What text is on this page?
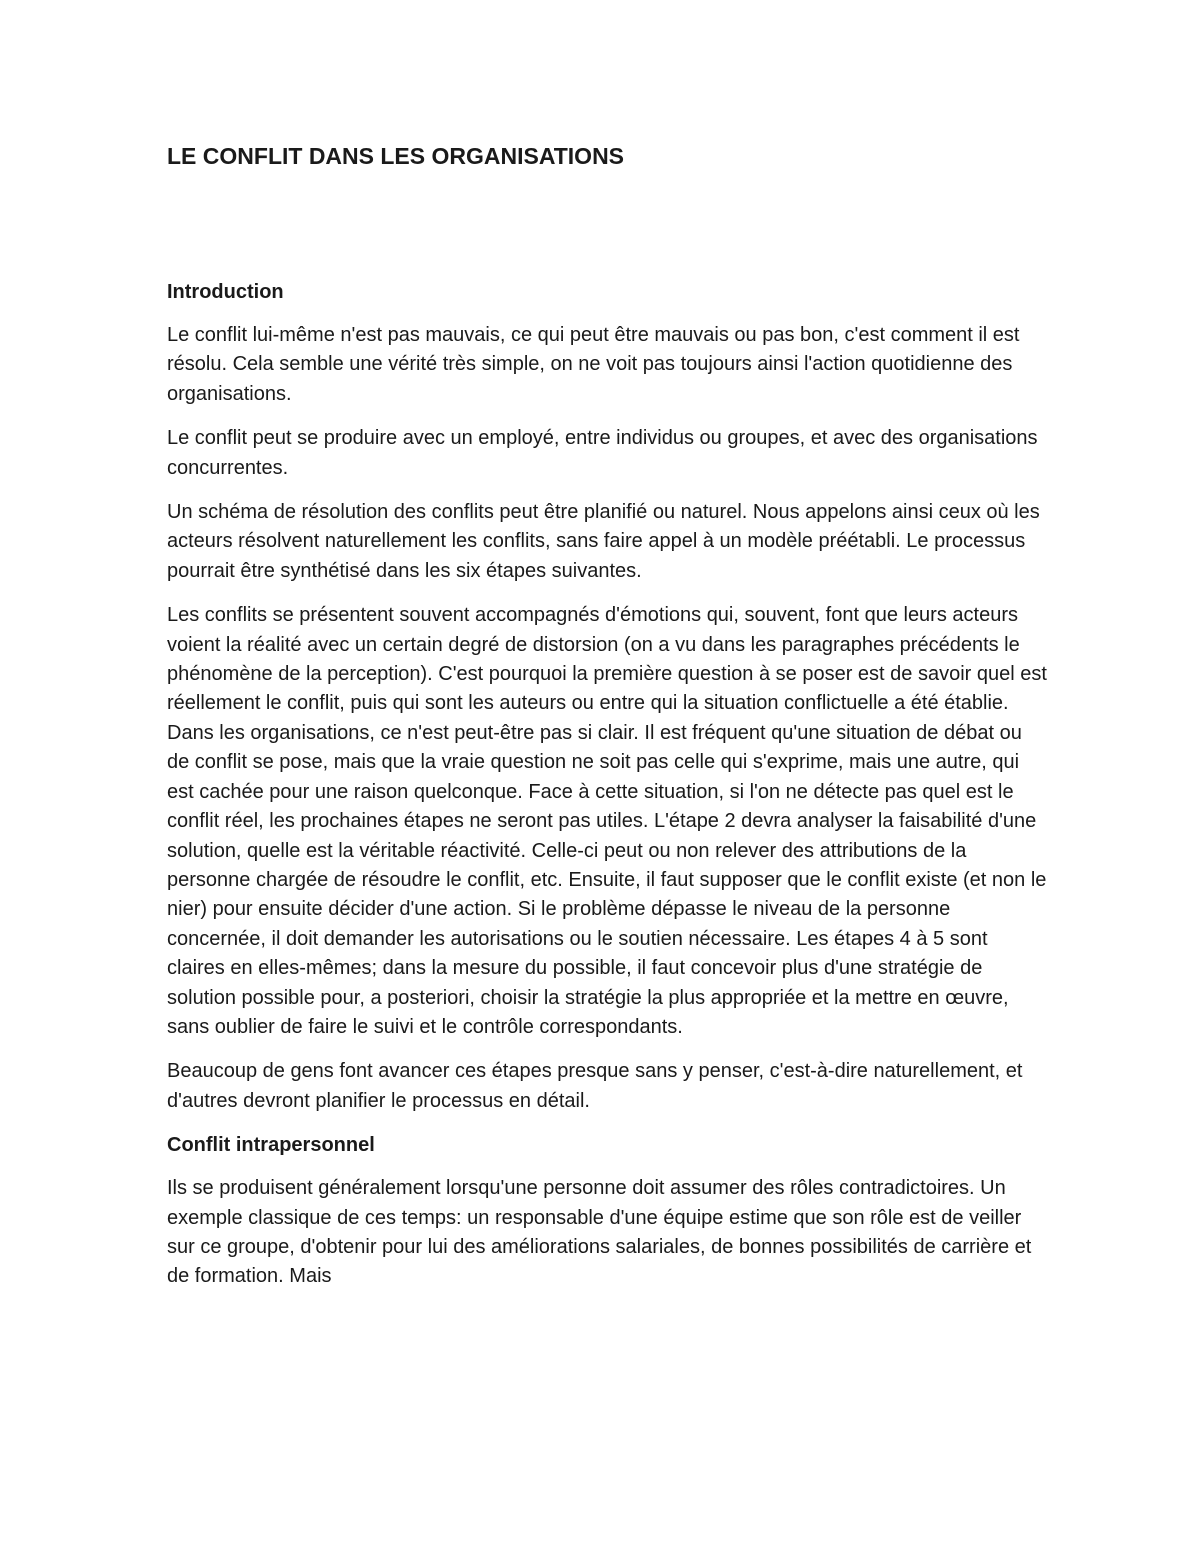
LE CONFLIT DANS LES ORGANISATIONS
Introduction

Le conflit lui-même n'est pas mauvais, ce qui peut être mauvais ou pas bon, c'est comment il est résolu. Cela semble une vérité très simple, on ne voit pas toujours ainsi l'action quotidienne des organisations.

Le conflit peut se produire avec un employé, entre individus ou groupes, et avec des organisations concurrentes.

Un schéma de résolution des conflits peut être planifié ou naturel. Nous appelons ainsi ceux où les acteurs résolvent naturellement les conflits, sans faire appel à un modèle préétabli. Le processus pourrait être synthétisé dans les six étapes suivantes.

Les conflits se présentent souvent accompagnés d'émotions qui, souvent, font que leurs acteurs voient la réalité avec un certain degré de distorsion (on a vu dans les paragraphes précédents le phénomène de la perception). C'est pourquoi la première question à se poser est de savoir quel est réellement le conflit, puis qui sont les auteurs ou entre qui la situation conflictuelle a été établie. Dans les organisations, ce n'est peut-être pas si clair. Il est fréquent qu'une situation de débat ou de conflit se pose, mais que la vraie question ne soit pas celle qui s'exprime, mais une autre, qui est cachée pour une raison quelconque. Face à cette situation, si l'on ne détecte pas quel est le conflit réel, les prochaines étapes ne seront pas utiles. L'étape 2 devra analyser la faisabilité d'une solution, quelle est la véritable réactivité. Celle-ci peut ou non relever des attributions de la personne chargée de résoudre le conflit, etc. Ensuite, il faut supposer que le conflit existe (et non le nier) pour ensuite décider d'une action. Si le problème dépasse le niveau de la personne concernée, il doit demander les autorisations ou le soutien nécessaire. Les étapes 4 à 5 sont claires en elles-mêmes; dans la mesure du possible, il faut concevoir plus d'une stratégie de solution possible pour, a posteriori, choisir la stratégie la plus appropriée et la mettre en œuvre, sans oublier de faire le suivi et le contrôle correspondants.

Beaucoup de gens font avancer ces étapes presque sans y penser, c'est-à-dire naturellement, et d'autres devront planifier le processus en détail.

Conflit intrapersonnel

Ils se produisent généralement lorsqu'une personne doit assumer des rôles contradictoires. Un exemple classique de ces temps: un responsable d'une équipe estime que son rôle est de veiller sur ce groupe, d'obtenir pour lui des améliorations salariales, de bonnes possibilités de carrière et de formation. Mais
